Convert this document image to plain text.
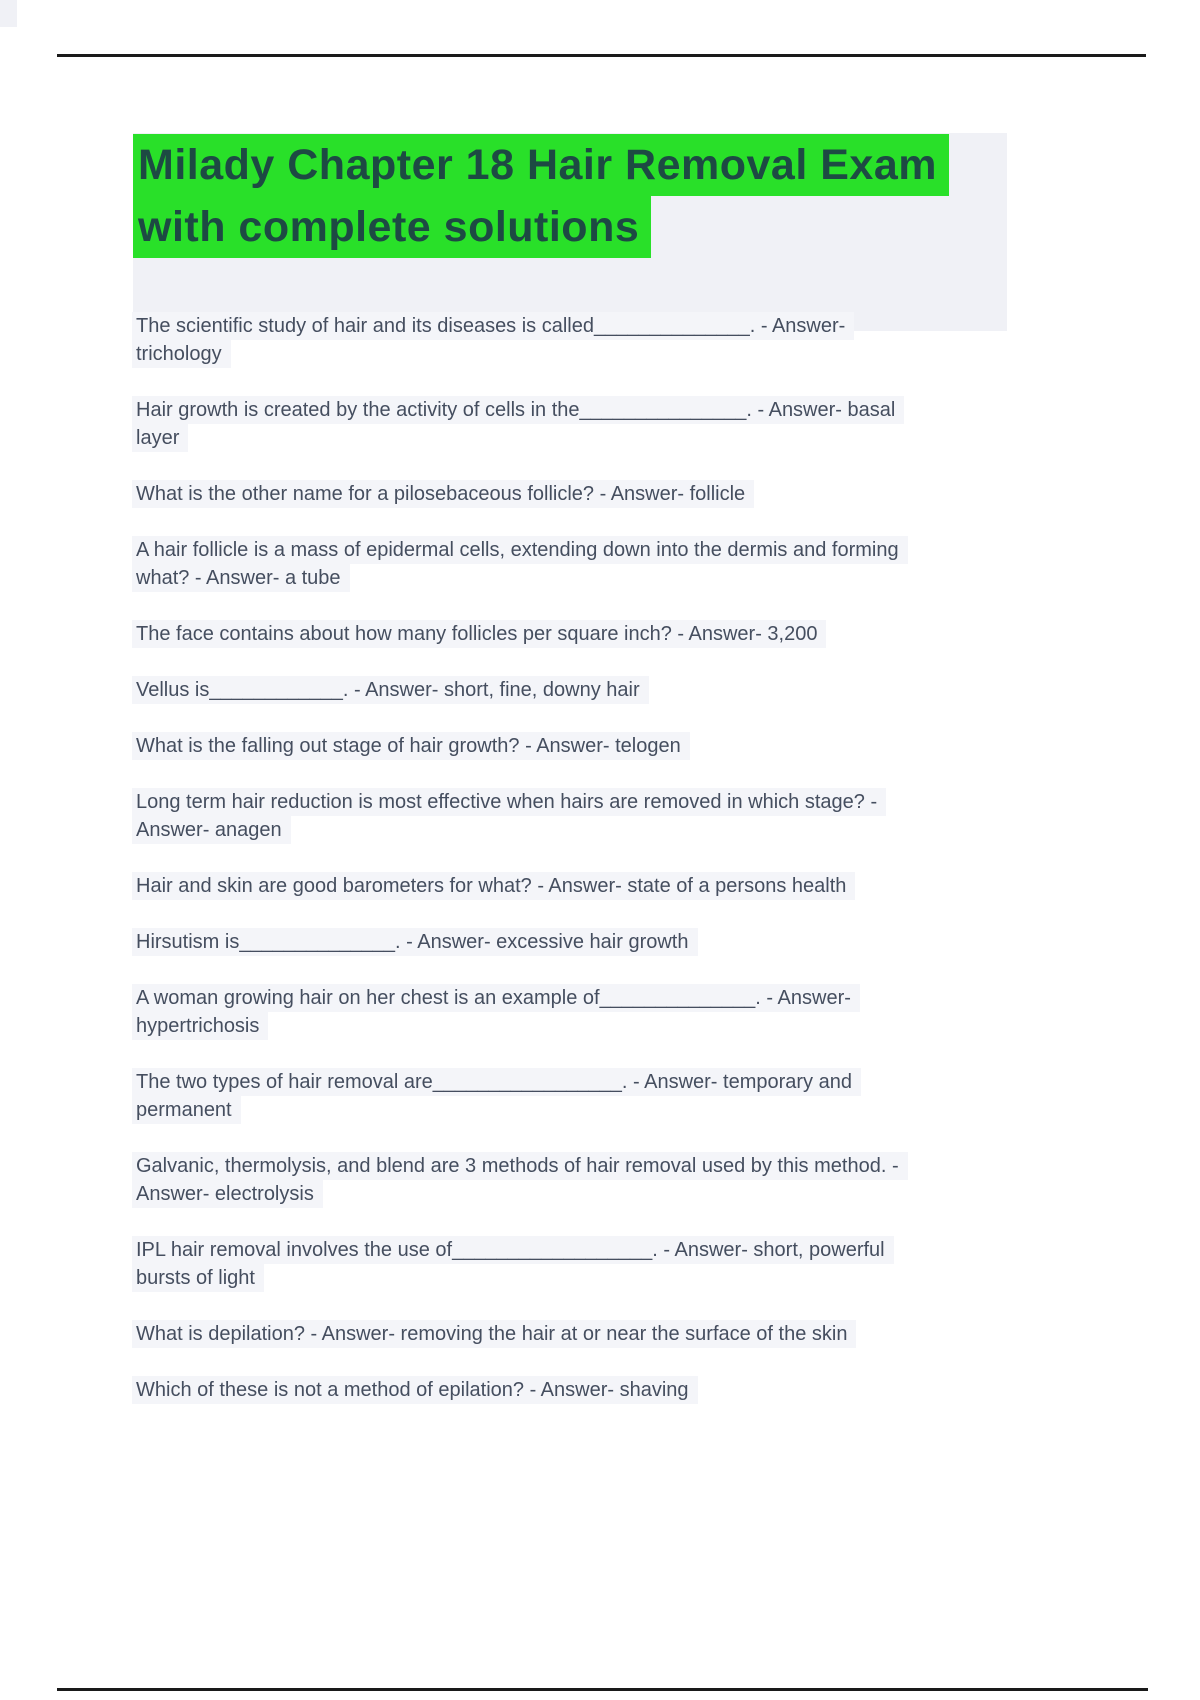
Milady Chapter 18 Hair Removal Exam
with complete solutions

The scientific study of hair and its diseases is called______________. - Answer-
trichology

Hair growth is created by the activity of cells in the_______________. - Answer- basal
layer

What is the other name for a pilosebaceous follicle? - Answer- follicle

A hair follicle is a mass of epidermal cells, extending down into the dermis and forming
what? - Answer- a tube

The face contains about how many follicles per square inch? - Answer- 3,200

Vellus is____________. - Answer- short, fine, downy hair

What is the falling out stage of hair growth? - Answer- telogen

Long term hair reduction is most effective when hairs are removed in which stage? -
Answer- anagen

Hair and skin are good barometers for what? - Answer- state of a persons health

Hirsutism is______________. - Answer- excessive hair growth

A woman growing hair on her chest is an example of______________. - Answer-
hypertrichosis

The two types of hair removal are_________________. - Answer- temporary and
permanent

Galvanic, thermolysis, and blend are 3 methods of hair removal used by this method. -
Answer- electrolysis

IPL hair removal involves the use of__________________. - Answer- short, powerful
bursts of light

What is depilation? - Answer- removing the hair at or near the surface of the skin

Which of these is not a method of epilation? - Answer- shaving
